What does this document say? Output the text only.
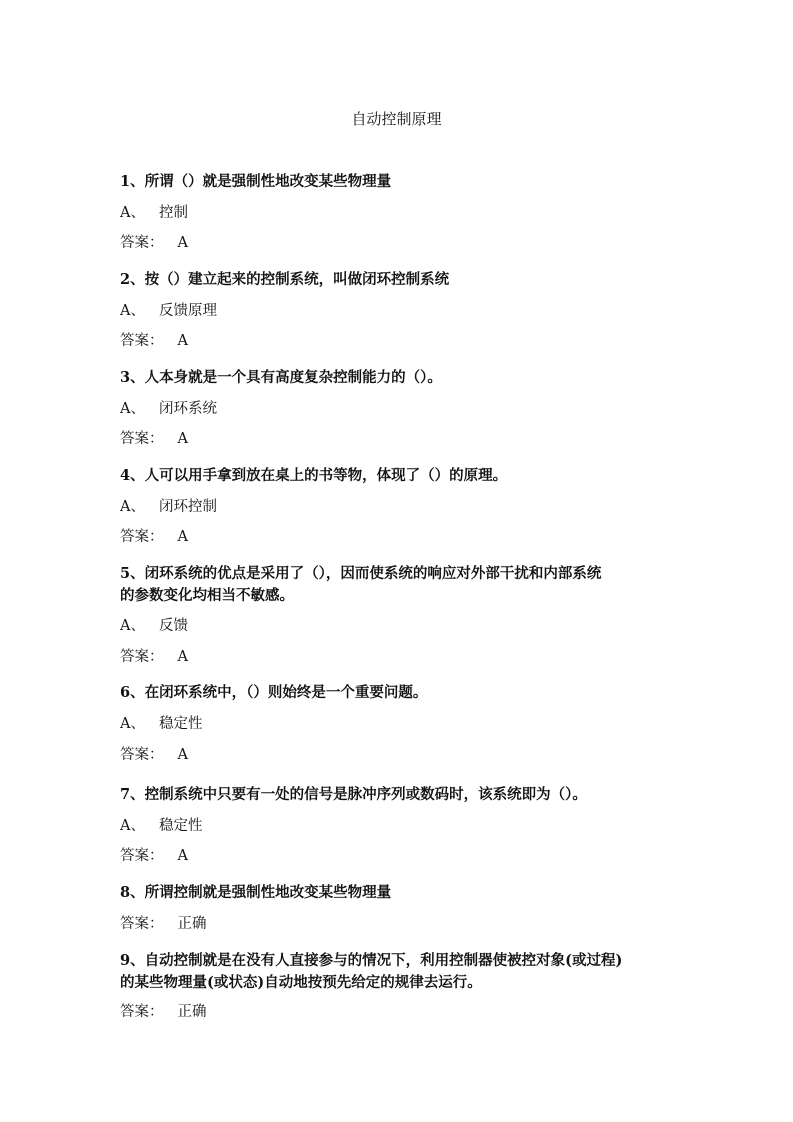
自动控制原理
1、所谓（）就是强制性地改变某些物理量
A、 控制
答案： A
2、按（）建立起来的控制系统，叫做闭环控制系统
A、 反馈原理
答案： A
3、人本身就是一个具有高度复杂控制能力的（）。
A、 闭环系统
答案： A
4、人可以用手拿到放在桌上的书等物，体现了（）的原理。
A、 闭环控制
答案： A
5、闭环系统的优点是采用了（），因而使系统的响应对外部干扰和内部系统
的参数变化均相当不敏感。
A、 反馈
答案： A
6、在闭环系统中，（）则始终是一个重要问题。
A、 稳定性
答案： A
7、控制系统中只要有一处的信号是脉冲序列或数码时，该系统即为（）。
A、 稳定性
答案： A
8、所谓控制就是强制性地改变某些物理量
答案： 正确
9、自动控制就是在没有人直接参与的情况下，利用控制器使被控对象(或过程)
的某些物理量(或状态)自动地按预先给定的规律去运行。
答案： 正确
